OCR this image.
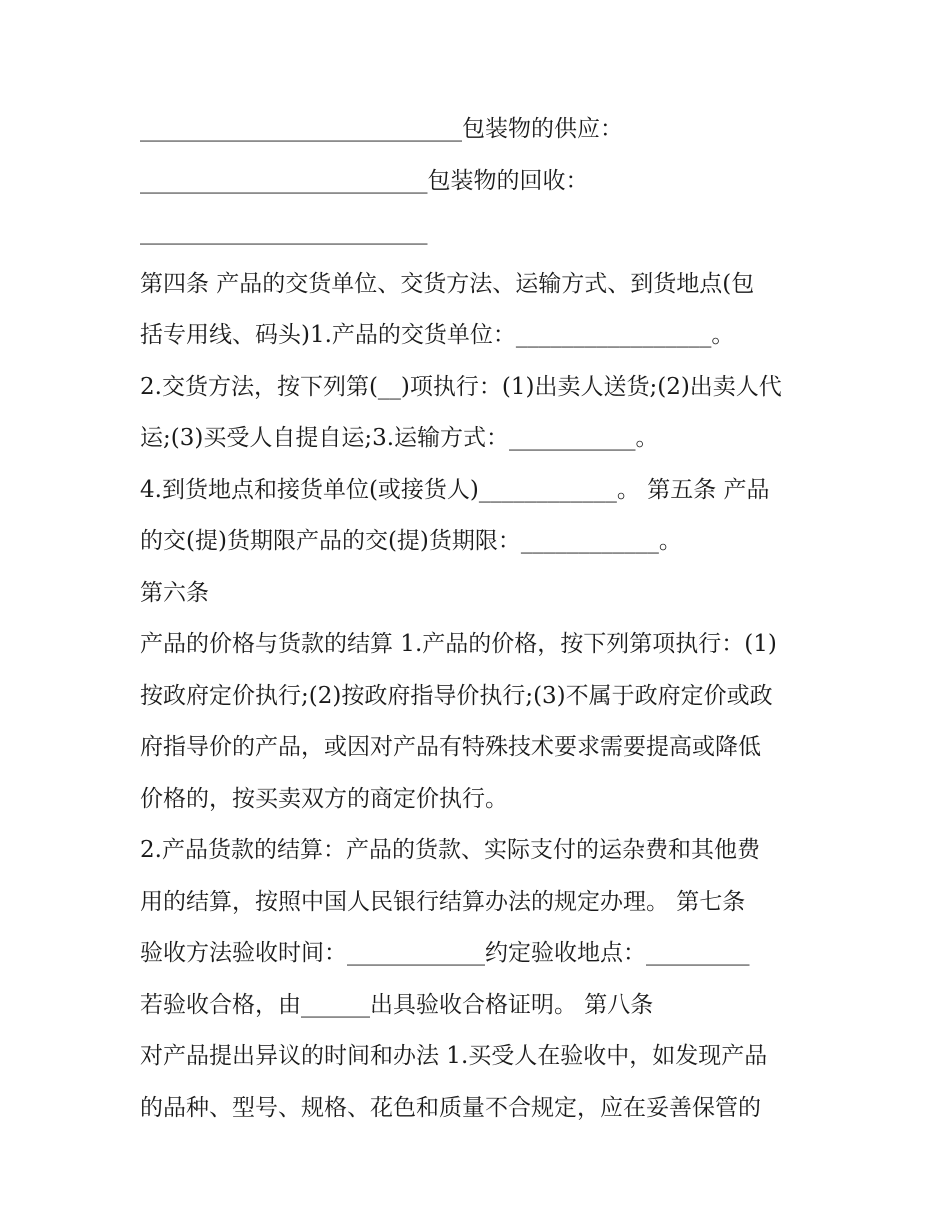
____________________________包装物的供应：
_________________________包装物的回收：
_________________________
第四条 产品的交货单位、交货方法、运输方式、到货地点(包
括专用线、码头)1.产品的交货单位：_________________。
2.交货方法，按下列第(__)项执行：(1)出卖人送货;(2)出卖人代
运;(3)买受人自提自运;3.运输方式：___________。
4.到货地点和接货单位(或接货人)____________。 第五条 产品
的交(提)货期限产品的交(提)货期限：____________。
第六条
产品的价格与货款的结算 1.产品的价格，按下列第项执行：(1)
按政府定价执行;(2)按政府指导价执行;(3)不属于政府定价或政
府指导价的产品，或因对产品有特殊技术要求需要提高或降低
价格的，按买卖双方的商定价执行。
2.产品货款的结算：产品的货款、实际支付的运杂费和其他费
用的结算，按照中国人民银行结算办法的规定办理。 第七条
验收方法验收时间：____________约定验收地点：_________
若验收合格，由______出具验收合格证明。 第八条
对产品提出异议的时间和办法 1.买受人在验收中，如发现产品
的品种、型号、规格、花色和质量不合规定，应在妥善保管的
